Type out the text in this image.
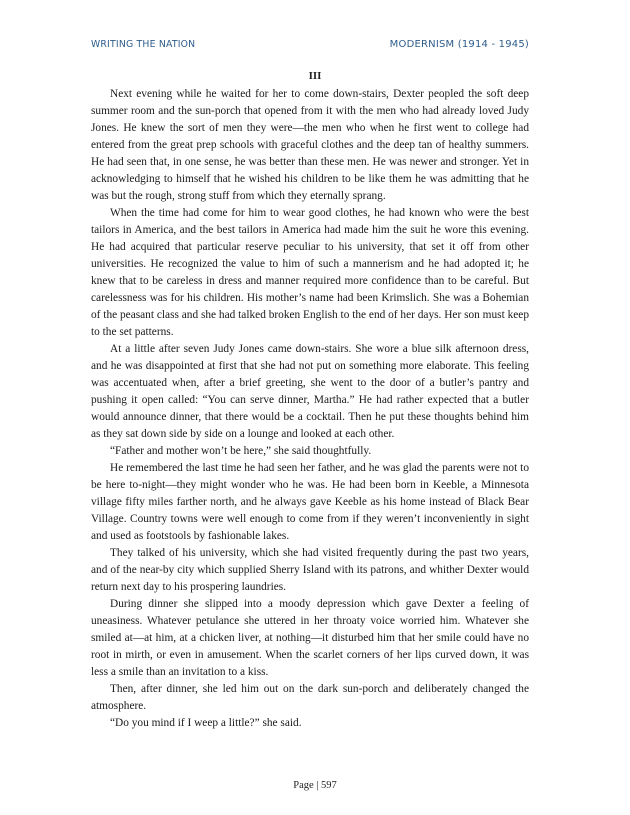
WRITING THE NATION	MODERNISM (1914 - 1945)
III

Next evening while he waited for her to come down-stairs, Dexter peopled the soft deep summer room and the sun-porch that opened from it with the men who had already loved Judy Jones. He knew the sort of men they were—the men who when he first went to college had entered from the great prep schools with graceful clothes and the deep tan of healthy summers. He had seen that, in one sense, he was better than these men. He was newer and stronger. Yet in acknowledging to himself that he wished his children to be like them he was admitting that he was but the rough, strong stuff from which they eternally sprang.

When the time had come for him to wear good clothes, he had known who were the best tailors in America, and the best tailors in America had made him the suit he wore this evening. He had acquired that particular reserve peculiar to his university, that set it off from other universities. He recognized the value to him of such a mannerism and he had adopted it; he knew that to be careless in dress and manner required more confidence than to be careful. But carelessness was for his children. His mother’s name had been Krimslich. She was a Bohemian of the peasant class and she had talked broken English to the end of her days. Her son must keep to the set patterns.

At a little after seven Judy Jones came down-stairs. She wore a blue silk afternoon dress, and he was disappointed at first that she had not put on something more elaborate. This feeling was accentuated when, after a brief greeting, she went to the door of a butler’s pantry and pushing it open called: “You can serve dinner, Martha.” He had rather expected that a butler would announce dinner, that there would be a cocktail. Then he put these thoughts behind him as they sat down side by side on a lounge and looked at each other.

“Father and mother won’t be here,” she said thoughtfully.

He remembered the last time he had seen her father, and he was glad the parents were not to be here to-night—they might wonder who he was. He had been born in Keeble, a Minnesota village fifty miles farther north, and he always gave Keeble as his home instead of Black Bear Village. Country towns were well enough to come from if they weren’t inconveniently in sight and used as footstools by fashionable lakes.

They talked of his university, which she had visited frequently during the past two years, and of the near-by city which supplied Sherry Island with its patrons, and whither Dexter would return next day to his prospering laundries.

During dinner she slipped into a moody depression which gave Dexter a feeling of uneasiness. Whatever petulance she uttered in her throaty voice worried him. Whatever she smiled at—at him, at a chicken liver, at nothing—it disturbed him that her smile could have no root in mirth, or even in amusement. When the scarlet corners of her lips curved down, it was less a smile than an invitation to a kiss.

Then, after dinner, she led him out on the dark sun-porch and deliberately changed the atmosphere.

“Do you mind if I weep a little?” she said.

Page | 597
